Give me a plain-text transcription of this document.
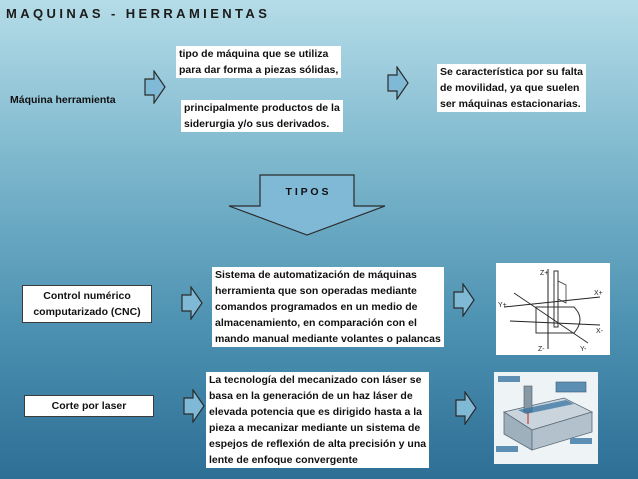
MAQUINAS - HERRAMIENTAS
Máquina herramienta
tipo de máquina que se utiliza
para dar forma a piezas sólidas,
principalmente productos de la
siderurgia y/o sus derivados.
Se característica por su falta
de movilidad, ya que suelen
ser máquinas estacionarias.
T I P O S
Control numérico
computarizado (CNC)
Sistema de automatización de máquinas
herramienta que son operadas mediante
comandos programados en un medio de
almacenamiento, en comparación con el
mando manual mediante volantes o palancas
Z+
Y+
X+
X-
Y-
Z-
Corte por laser
La tecnología del mecanizado con láser se
basa en la generación de un haz láser de
elevada potencia que es dirigido hasta a la
pieza a mecanizar mediante un sistema de
espejos de reflexión de alta precisión y una
lente de enfoque convergente
